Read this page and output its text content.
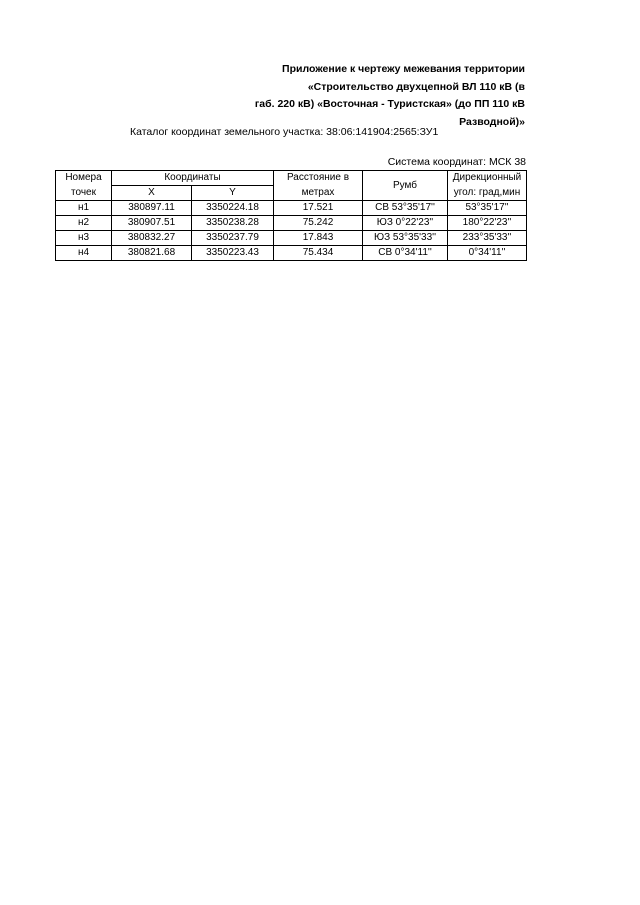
Приложение к чертежу межевания территории
«Строительство двухцепной ВЛ 110 кВ (в
габ. 220 кВ) «Восточная - Туристская» (до ПП 110 кВ
Разводной)»
Каталог координат земельного участка: 38:06:141904:2565:ЗУ1
Система координат: МСК 38
Номера	Координаты		Расстояние в	Румб	Дирекционный
точек	X	Y	метрах		угол: град,мин
н1	380897.11	3350224.18	17.521	СВ 53°35'17''	53°35'17''
н2	380907.51	3350238.28	75.242	ЮЗ 0°22'23''	180°22'23''
н3	380832.27	3350237.79	17.843	ЮЗ 53°35'33''	233°35'33''
н4	380821.68	3350223.43	75.434	СВ 0°34'11''	0°34'11''
